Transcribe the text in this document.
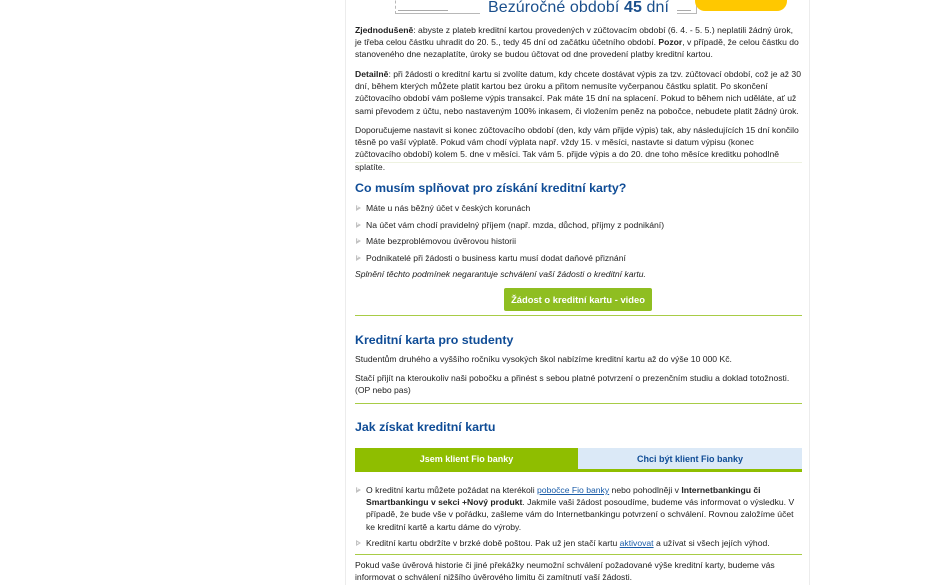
Bezúročné období 45 dní

Zjednodušeně: abyste z plateb kreditní kartou provedených v zúčtovacím období (6. 4. - 5. 5.) neplatili žádný úrok, je třeba celou částku uhradit do 20. 5., tedy 45 dní od začátku účetního období. Pozor, v případě, že celou částku do stanoveného dne nezaplatíte, úroky se budou účtovat od dne provedení platby kreditní kartou.

Detailně: při žádosti o kreditní kartu si zvolíte datum, kdy chcete dostávat výpis za tzv. zúčtovací období, což je až 30 dní, během kterých můžete platit kartou bez úroku a přitom nemusíte vyčerpanou částku splatit. Po skončení zúčtovacího období vám pošleme výpis transakcí. Pak máte 15 dní na splacení. Pokud to během nich uděláte, ať už sami převodem z účtu, nebo nastaveným 100% inkasem, či vložením peněz na pobočce, nebudete platit žádný úrok.

Doporučujeme nastavit si konec zúčtovacího období (den, kdy vám přijde výpis) tak, aby následujících 15 dní končilo těsně po vaší výplatě. Pokud vám chodí výplata např. vždy 15. v měsíci, nastavte si datum výpisu (konec zúčtovacího období) kolem 5. dne v měsíci. Tak vám 5. přijde výpis a do 20. dne toho měsíce kreditku pohodlně splatíte.

Co musím splňovat pro získání kreditní karty?
Máte u nás běžný účet v českých korunách
Na účet vám chodí pravidelný příjem (např. mzda, důchod, příjmy z podnikání)
Máte bezproblémovou úvěrovou historii
Podnikatelé při žádosti o business kartu musí dodat daňové přiznání
Splnění těchto podmínek negarantuje schválení vaší žádosti o kreditní kartu.
Žádost o kreditní kartu - video
Kreditní karta pro studenty

Studentům druhého a vyššího ročníku vysokých škol nabízíme kreditní kartu až do výše 10 000 Kč.

Stačí přijít na kteroukoliv naši pobočku a přinést s sebou platné potvrzení o prezenčním studiu a doklad totožnosti. (OP nebo pas)

Jak získat kreditní kartu
Jsem klient Fio banky	Chci být klient Fio banky
O kreditní kartu můžete požádat na kterékoli pobočce Fio banky nebo pohodlněji v Internetbankingu či Smartbankingu v sekci +Nový produkt. Jakmile vaši žádost posoudíme, budeme vás informovat o výsledku. V případě, že bude vše v pořádku, zašleme vám do Internetbankingu potvrzení o schválení. Rovnou založíme účet ke kreditní kartě a kartu dáme do výroby.
Kreditní kartu obdržíte v brzké době poštou. Pak už jen stačí kartu aktivovat a užívat si všech jejích výhod.

Pokud vaše úvěrová historie či jiné překážky neumožní schválení požadované výše kreditní karty, budeme vás informovat o schválení nižšího úvěrového limitu či zamítnutí vaší žádosti.
